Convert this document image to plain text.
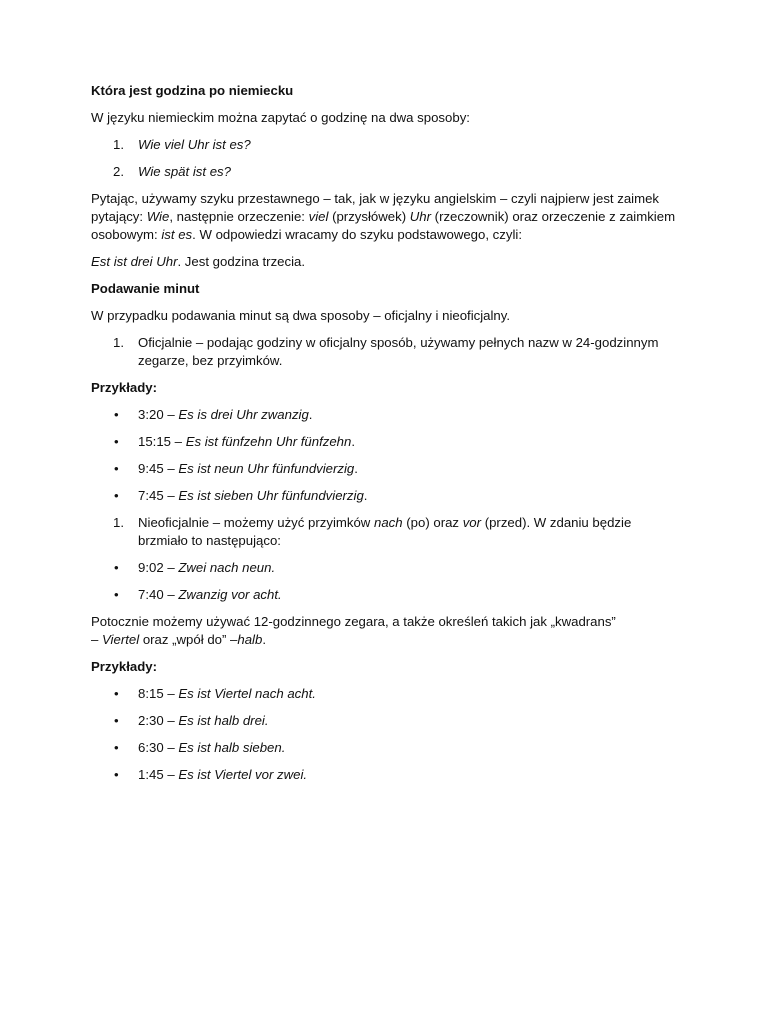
Która jest godzina po niemiecku

W języku niemieckim można zapytać o godzinę na dwa sposoby:

1.	Wie viel Uhr ist es?
2.	Wie spät ist es?

Pytając, używamy szyku przestawnego – tak, jak w języku angielskim – czyli najpierw jest zaimek pytający: Wie, następnie orzeczenie: viel (przysłówek) Uhr (rzeczownik) oraz orzeczenie z zaimkiem osobowym: ist es. W odpowiedzi wracamy do szyku podstawowego, czyli:

Est ist drei Uhr. Jest godzina trzecia.

Podawanie minut

W przypadku podawania minut są dwa sposoby – oficjalny i nieoficjalny.

1.	Oficjalnie – podając godziny w oficjalny sposób, używamy pełnych nazw w 24-godzinnym zegarze, bez przyimków.

Przykłady:

• 3:20 – Es is drei Uhr zwanzig.
• 15:15 – Es ist fünfzehn Uhr fünfzehn.
• 9:45 – Es ist neun Uhr fünfundvierzig.
• 7:45 – Es ist sieben Uhr fünfundvierzig.
1.	Nieoficjalnie – możemy użyć przyimków nach (po) oraz vor (przed). W zdaniu będzie brzmiało to następująco:
• 9:02 – Zwei nach neun.
• 7:40 – Zwanzig vor acht.

Potocznie możemy używać 12-godzinnego zegara, a także określeń takich jak „kwadrans”
– Viertel oraz „wpół do” –halb.

Przykłady:

• 8:15 – Es ist Viertel nach acht.
• 2:30 – Es ist halb drei.
• 6:30 – Es ist halb sieben.
• 1:45 – Es ist Viertel vor zwei.
